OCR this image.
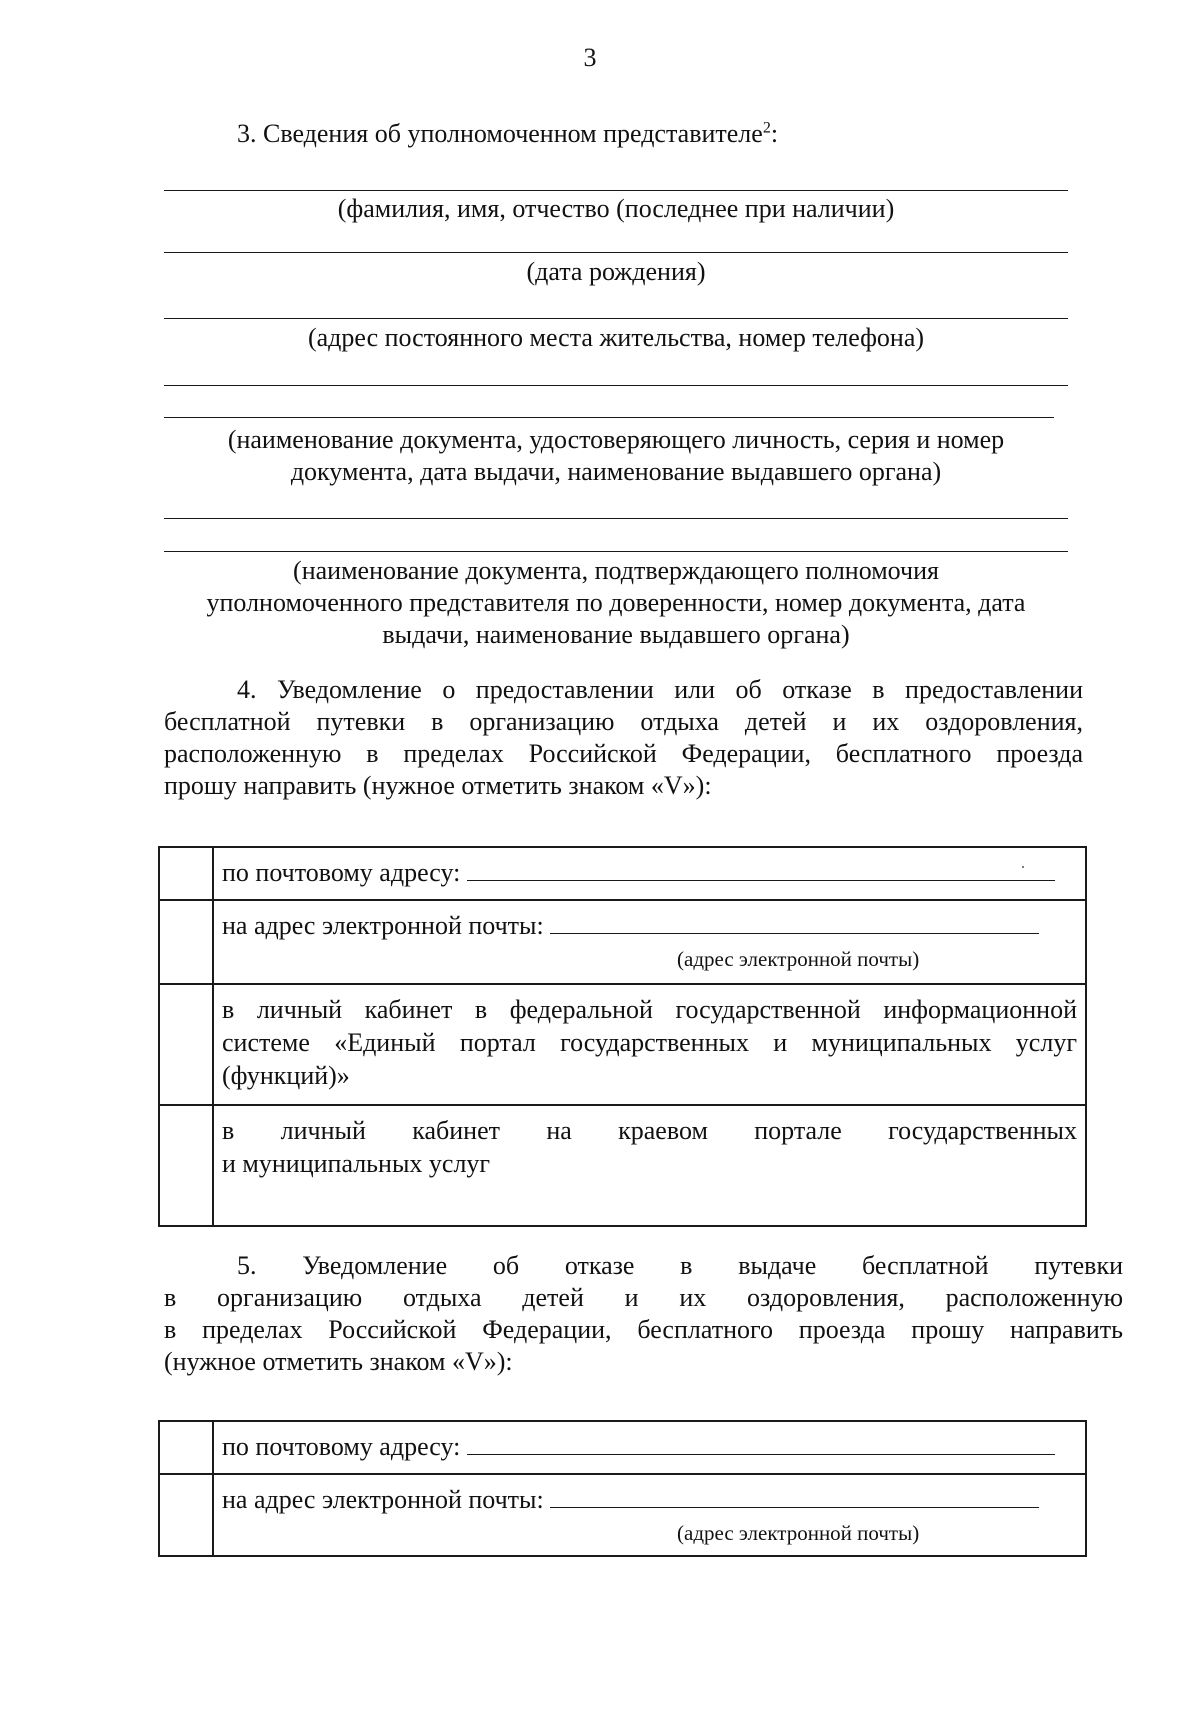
3
3. Сведения об уполномоченном представителе$^2$:
(фамилия, имя, отчество (последнее при наличии)
(дата рождения)
(адрес постоянного места жительства, номер телефона)
(наименование документа, удостоверяющего личность, серия и номер
документа, дата выдачи, наименование выдавшего органа)
(наименование документа, подтверждающего полномочия
уполномоченного представителя по доверенности, номер документа, дата
выдачи, наименование выдавшего органа)
4. Уведомление о предоставлении или об отказе в предоставлении
бесплатной путевки в организацию отдыха детей и их оздоровления,
расположенную в пределах Российской Федерации, бесплатного проезда
прошу направить (нужное отметить знаком «V»):

	по почтовому адресу:

	на адрес электронной почты:
(адрес электронной почты)

	в личный кабинет в федеральной государственной информационной
системе «Единый портал государственных и муниципальных услуг
(функций)»

	в личный кабинет на краевом портале государственных
и муниципальных услуг
5. Уведомление об отказе в выдаче бесплатной путевки
в организацию отдыха детей и их оздоровления, расположенную
в пределах Российской Федерации, бесплатного проезда прошу направить
(нужное отметить знаком «V»):

	по почтовому адресу:

	на адрес электронной почты:
(адрес электронной почты)
